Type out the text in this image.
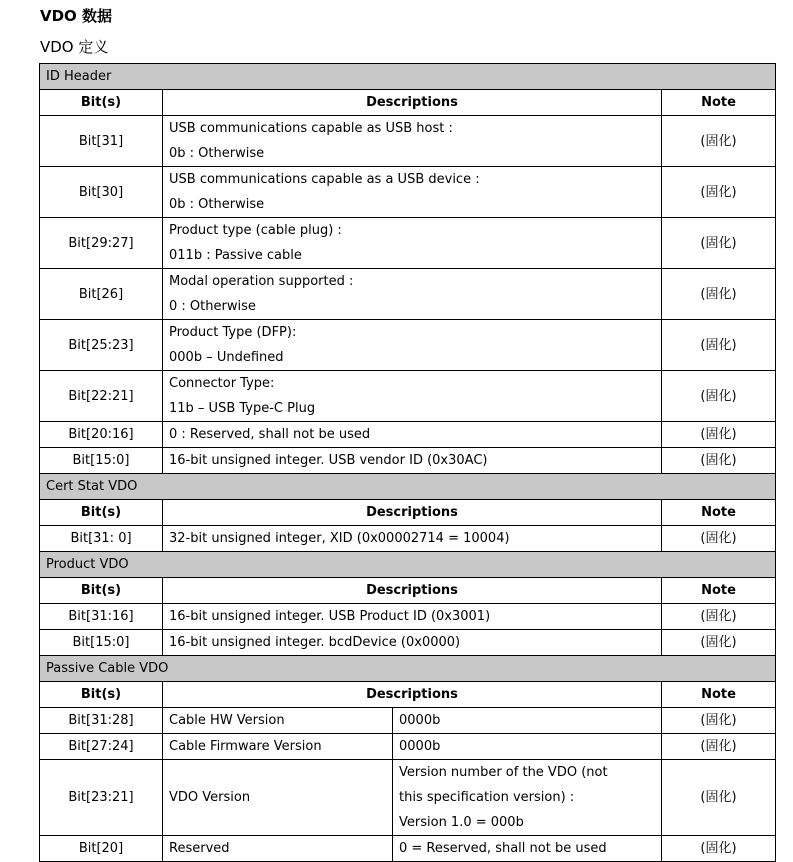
VDO 数据
VDO 定义
ID Header			
Bit(s)	Descriptions		Note
Bit[31]	USB communications capable as USB host :
0b : Otherwise		(固化)
Bit[30]	USB communications capable as a USB device :
0b : Otherwise		(固化)
Bit[29:27]	Product type (cable plug) :
011b : Passive cable		(固化)
Bit[26]	Modal operation supported :
0 : Otherwise		(固化)
Bit[25:23]	Product Type (DFP):
000b – Undefined		(固化)
Bit[22:21]	Connector Type:
11b – USB Type-C Plug		(固化)
Bit[20:16]	0 : Reserved, shall not be used		(固化)
Bit[15:0]	16-bit unsigned integer. USB vendor ID (0x30AC)		(固化)
Cert Stat VDO			
Bit(s)	Descriptions		Note
Bit[31: 0]	32-bit unsigned integer, XID (0x00002714 = 10004)		(固化)
Product VDO			
Bit(s)	Descriptions		Note
Bit[31:16]	16-bit unsigned integer. USB Product ID (0x3001)		(固化)
Bit[15:0]	16-bit unsigned integer. bcdDevice (0x0000)		(固化)
Passive Cable VDO			
Bit(s)	Descriptions		Note
Bit[31:28]	Cable HW Version	0000b	(固化)
Bit[27:24]	Cable Firmware Version	0000b	(固化)
Bit[23:21]	VDO Version	Version number of the VDO (not
this specification version) :
Version 1.0 = 000b	(固化)
Bit[20]	Reserved	0 = Reserved, shall not be used	(固化)
